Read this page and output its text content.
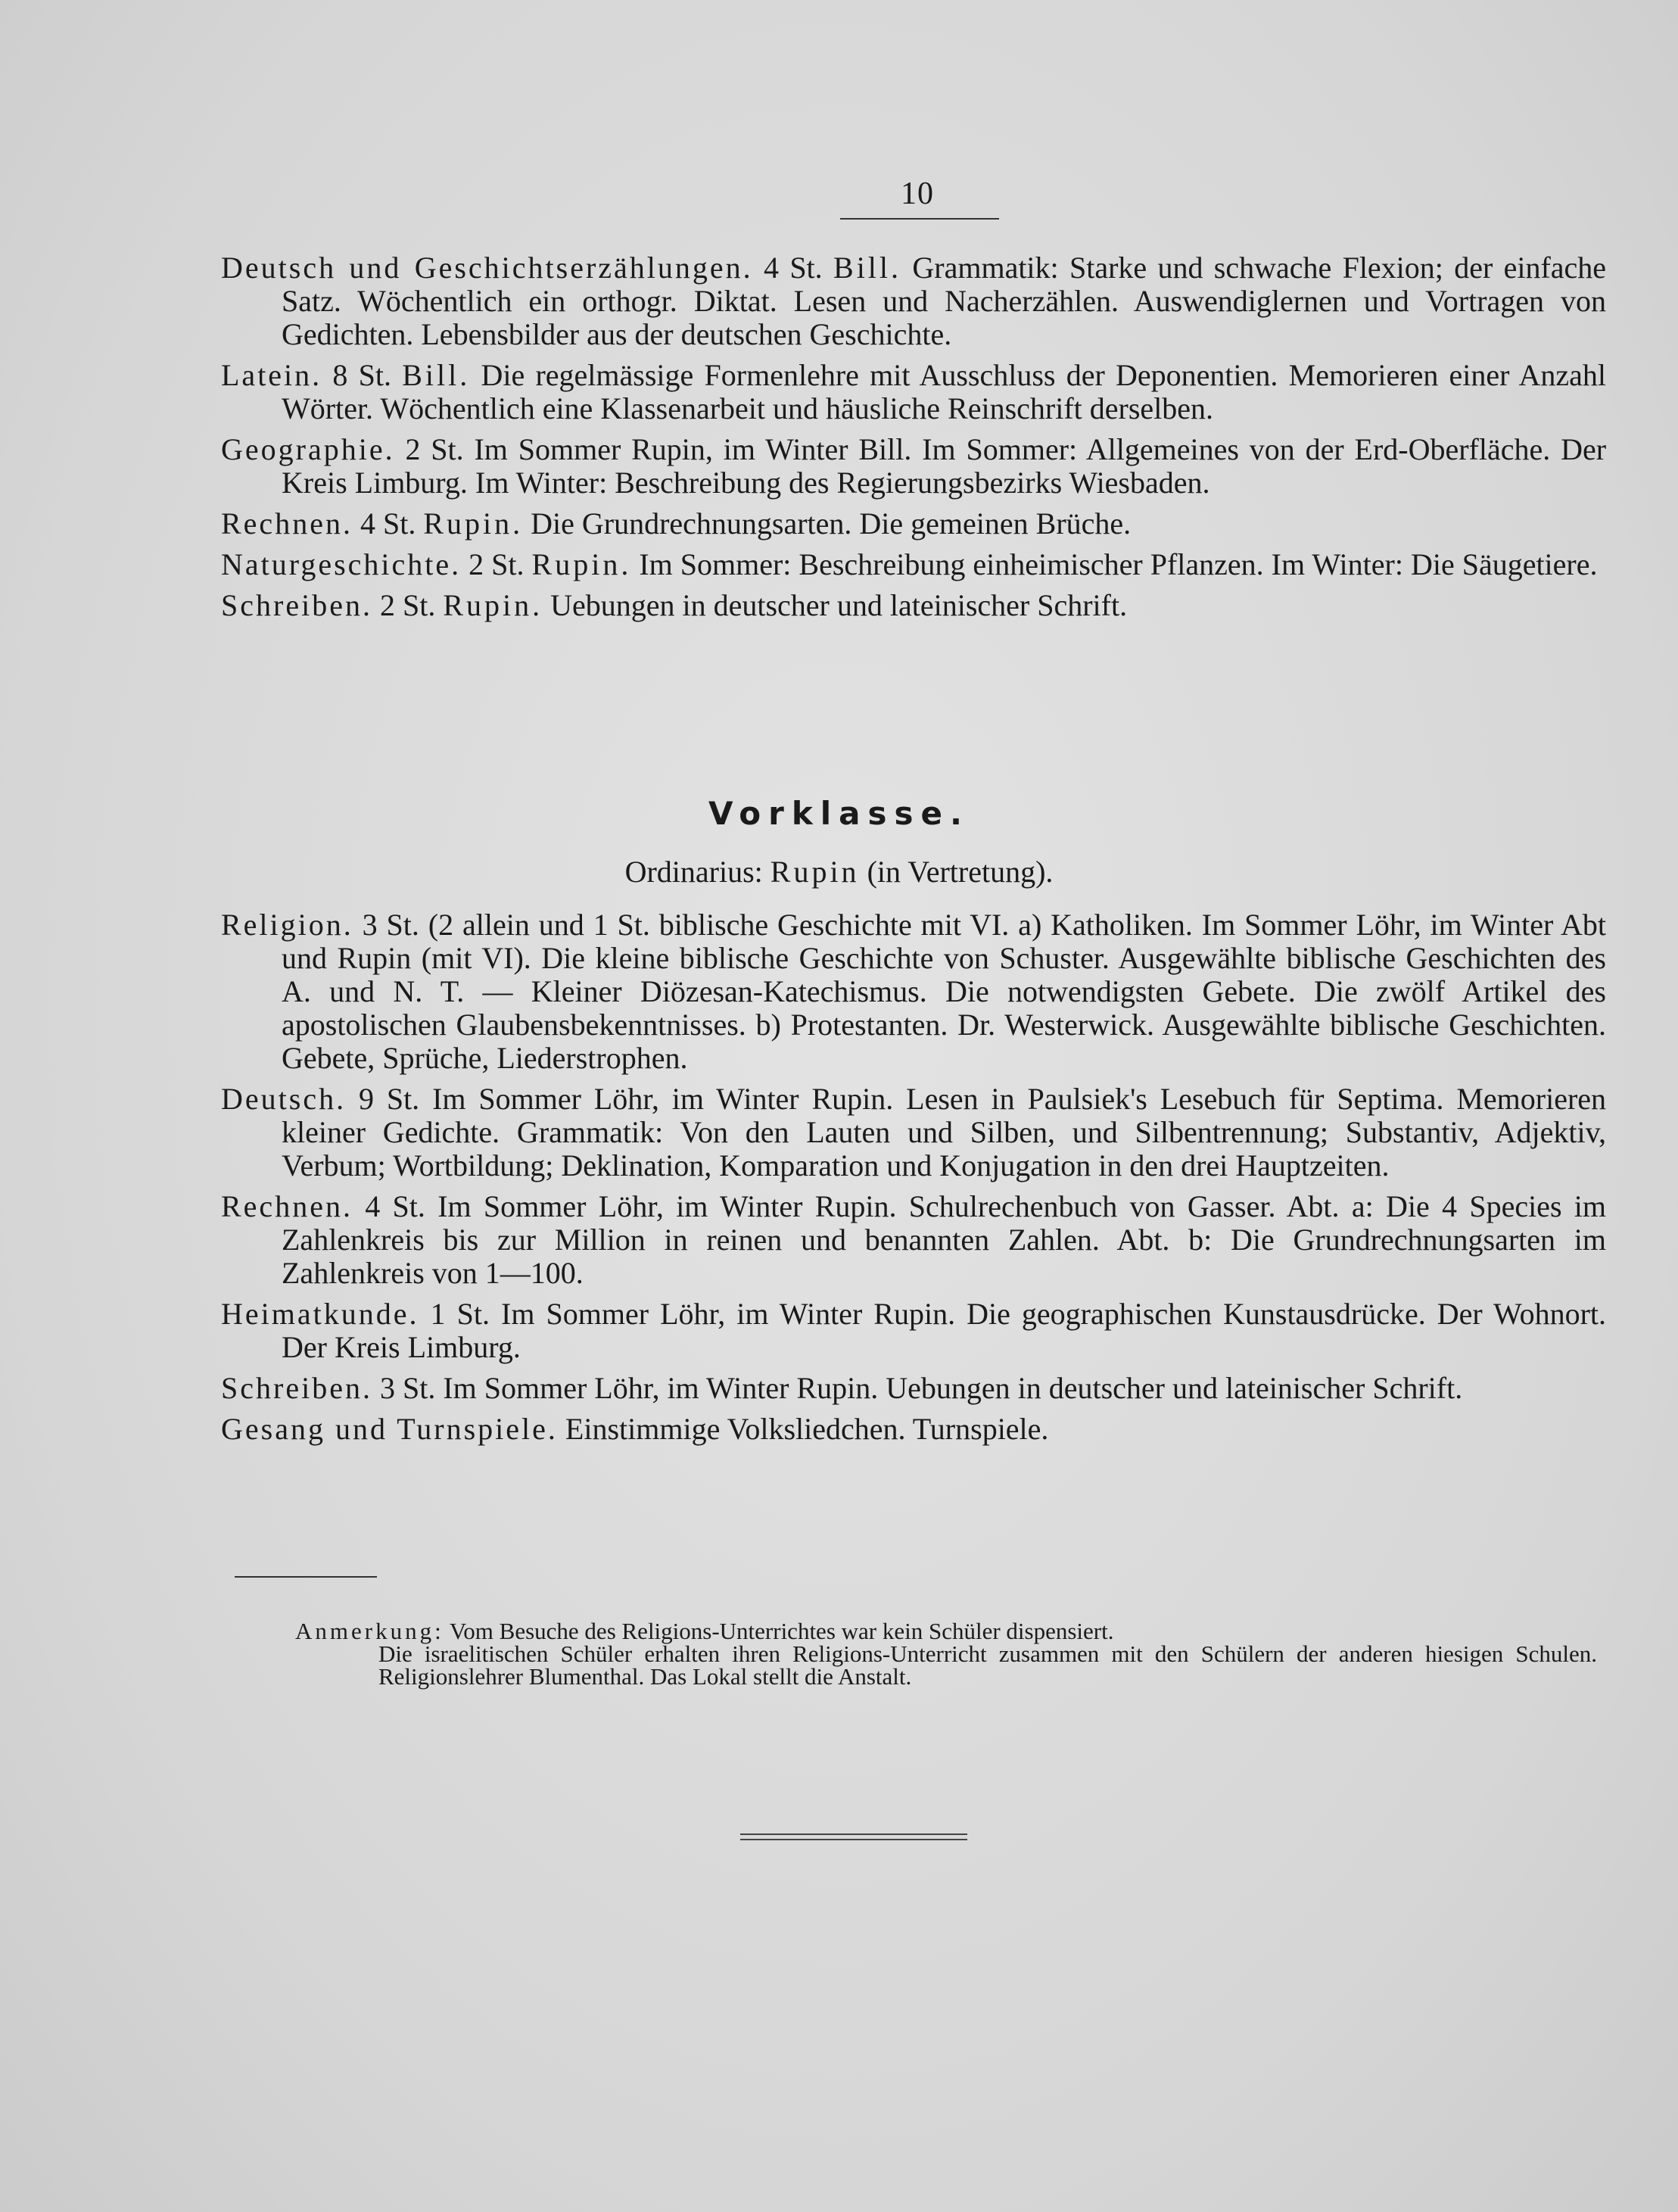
10
Deutsch und Geschichtserzählungen. 4 St. Bill. Grammatik: Starke und schwache Flexion; der einfache Satz. Wöchentlich ein orthogr. Diktat. Lesen und Nacherzählen. Auswendiglernen und Vortragen von Gedichten. Lebensbilder aus der deutschen Geschichte.
Latein. 8 St. Bill. Die regelmässige Formenlehre mit Ausschluss der Deponentien. Memorieren einer Anzahl Wörter. Wöchentlich eine Klassenarbeit und häusliche Reinschrift derselben.
Geographie. 2 St. Im Sommer Rupin, im Winter Bill. Im Sommer: Allgemeines von der Erd-Oberfläche. Der Kreis Limburg. Im Winter: Beschreibung des Regierungsbezirks Wiesbaden.
Rechnen. 4 St. Rupin. Die Grundrechnungsarten. Die gemeinen Brüche.
Naturgeschichte. 2 St. Rupin. Im Sommer: Beschreibung einheimischer Pflanzen. Im Winter: Die Säugetiere.
Schreiben. 2 St. Rupin. Uebungen in deutscher und lateinischer Schrift.
Vorklasse.
Ordinarius: Rupin (in Vertretung).
Religion. 3 St. (2 allein und 1 St. biblische Geschichte mit VI. a) Katholiken. Im Sommer Löhr, im Winter Abt und Rupin (mit VI). Die kleine biblische Geschichte von Schuster. Ausgewählte biblische Geschichten des A. und N. T. — Kleiner Diözesan-Katechismus. Die notwendigsten Gebete. Die zwölf Artikel des apostolischen Glaubensbekenntnisses. b) Protestanten. Dr. Westerwick. Ausgewählte biblische Geschichten. Gebete, Sprüche, Liederstrophen.
Deutsch. 9 St. Im Sommer Löhr, im Winter Rupin. Lesen in Paulsiek's Lesebuch für Septima. Memorieren kleiner Gedichte. Grammatik: Von den Lauten und Silben, und Silbentrennung; Substantiv, Adjektiv, Verbum; Wortbildung; Deklination, Komparation und Konjugation in den drei Hauptzeiten.
Rechnen. 4 St. Im Sommer Löhr, im Winter Rupin. Schulrechenbuch von Gasser. Abt. a: Die 4 Species im Zahlenkreis bis zur Million in reinen und benannten Zahlen. Abt. b: Die Grundrechnungsarten im Zahlenkreis von 1—100.
Heimatkunde. 1 St. Im Sommer Löhr, im Winter Rupin. Die geographischen Kunstausdrücke. Der Wohnort. Der Kreis Limburg.
Schreiben. 3 St. Im Sommer Löhr, im Winter Rupin. Uebungen in deutscher und lateinischer Schrift.
Gesang und Turnspiele. Einstimmige Volksliedchen. Turnspiele.
Anmerkung: Vom Besuche des Religions-Unterrichtes war kein Schüler dispensiert.
Die israelitischen Schüler erhalten ihren Religions-Unterricht zusammen mit den Schülern der anderen hiesigen Schulen. Religionslehrer Blumenthal. Das Lokal stellt die Anstalt.
